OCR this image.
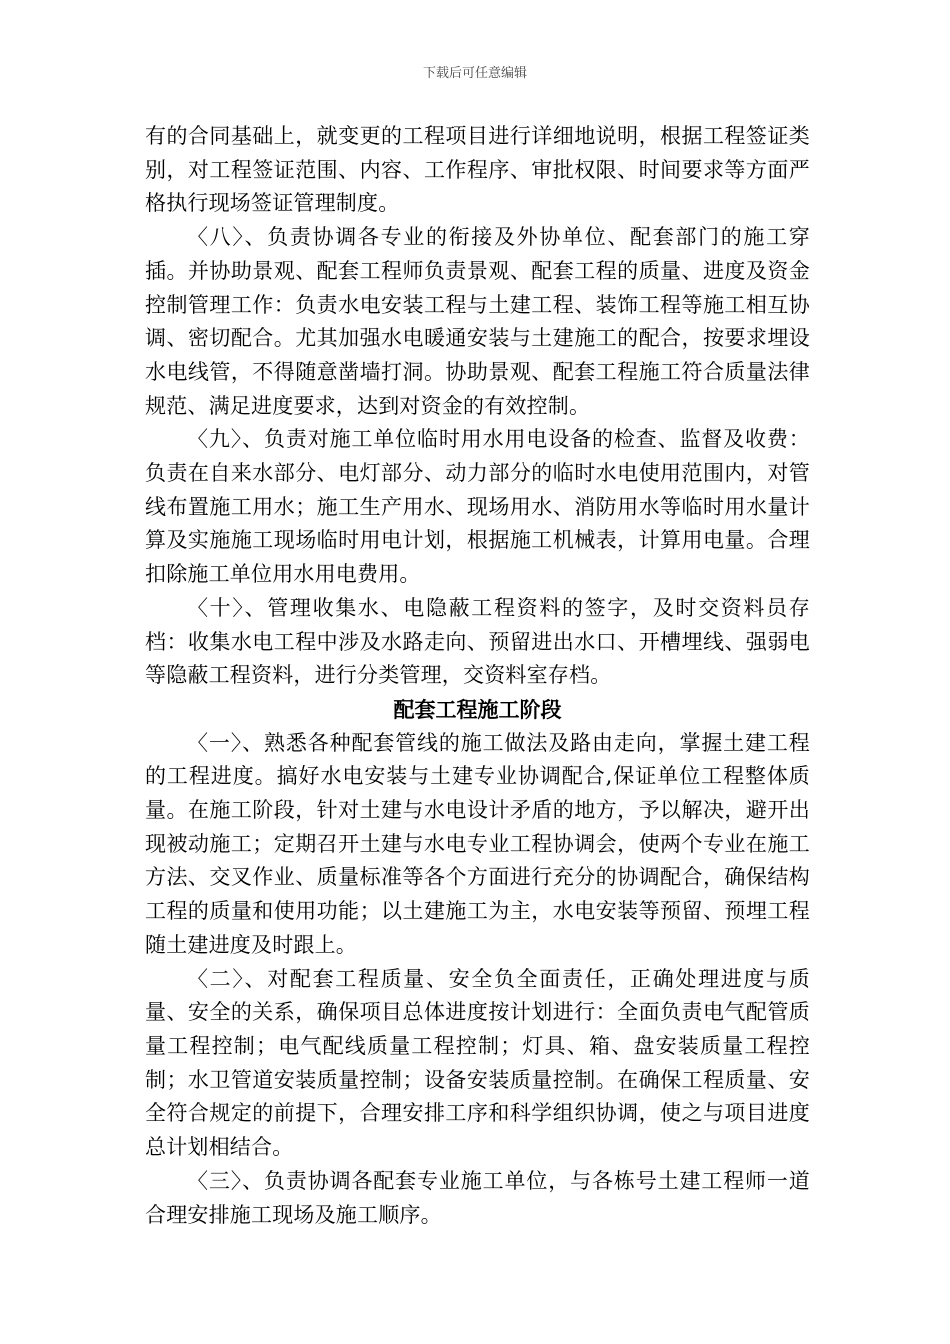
下载后可任意编辑

有的合同基础上，就变更的工程项目进行详细地说明，根据工程签证类别，对工程签证范围、内容、工作程序、审批权限、时间要求等方面严格执行现场签证管理制度。

〈八〉、负责协调各专业的衔接及外协单位、配套部门的施工穿插。并协助景观、配套工程师负责景观、配套工程的质量、进度及资金控制管理工作：负责水电安装工程与土建工程、装饰工程等施工相互协调、密切配合。尤其加强水电暖通安装与土建施工的配合，按要求埋设水电线管，不得随意凿墙打洞。协助景观、配套工程施工符合质量法律规范、满足进度要求，达到对资金的有效控制。

〈九〉、负责对施工单位临时用水用电设备的检查、监督及收费：负责在自来水部分、电灯部分、动力部分的临时水电使用范围内，对管线布置施工用水；施工生产用水、现场用水、消防用水等临时用水量计算及实施施工现场临时用电计划，根据施工机械表，计算用电量。合理扣除施工单位用水用电费用。

〈十〉、管理收集水、电隐蔽工程资料的签字，及时交资料员存档：收集水电工程中涉及水路走向、预留进出水口、开槽埋线、强弱电等隐蔽工程资料，进行分类管理，交资料室存档。

配套工程施工阶段

〈一〉、熟悉各种配套管线的施工做法及路由走向，掌握土建工程的工程进度。搞好水电安装与土建专业协调配合,保证单位工程整体质量。在施工阶段，针对土建与水电设计矛盾的地方，予以解决，避开出现被动施工；定期召开土建与水电专业工程协调会，使两个专业在施工方法、交叉作业、质量标准等各个方面进行充分的协调配合，确保结构工程的质量和使用功能；以土建施工为主，水电安装等预留、预埋工程随土建进度及时跟上。

〈二〉、对配套工程质量、安全负全面责任，正确处理进度与质量、安全的关系，确保项目总体进度按计划进行：全面负责电气配管质量工程控制；电气配线质量工程控制；灯具、箱、盘安装质量工程控制；水卫管道安装质量控制；设备安装质量控制。在确保工程质量、安全符合规定的前提下，合理安排工序和科学组织协调，使之与项目进度总计划相结合。

〈三〉、负责协调各配套专业施工单位，与各栋号土建工程师一道合理安排施工现场及施工顺序。
